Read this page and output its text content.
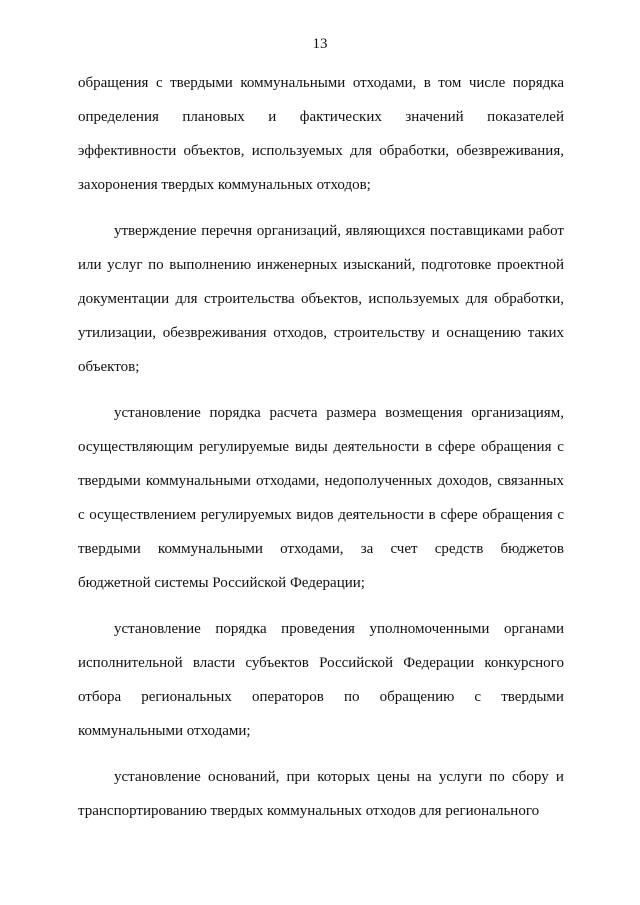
13
обращения с твердыми коммунальными отходами, в том числе порядка
определения плановых и фактических значений показателей
эффективности объектов, используемых для обработки, обезвреживания,
захоронения твердых коммунальных отходов;
утверждение перечня организаций, являющихся поставщиками работ
или услуг по выполнению инженерных изысканий, подготовке проектной
документации для строительства объектов, используемых для обработки,
утилизации, обезвреживания отходов, строительству и оснащению таких
объектов;
установление порядка расчета размера возмещения организациям,
осуществляющим регулируемые виды деятельности в сфере обращения с
твердыми коммунальными отходами, недополученных доходов, связанных
с осуществлением регулируемых видов деятельности в сфере обращения с
твердыми коммунальными отходами, за счет средств бюджетов
бюджетной системы Российской Федерации;
установление порядка проведения уполномоченными органами
исполнительной власти субъектов Российской Федерации конкурсного
отбора региональных операторов по обращению с твердыми
коммунальными отходами;
установление оснований, при которых цены на услуги по сбору и
транспортированию твердых коммунальных отходов для регионального
